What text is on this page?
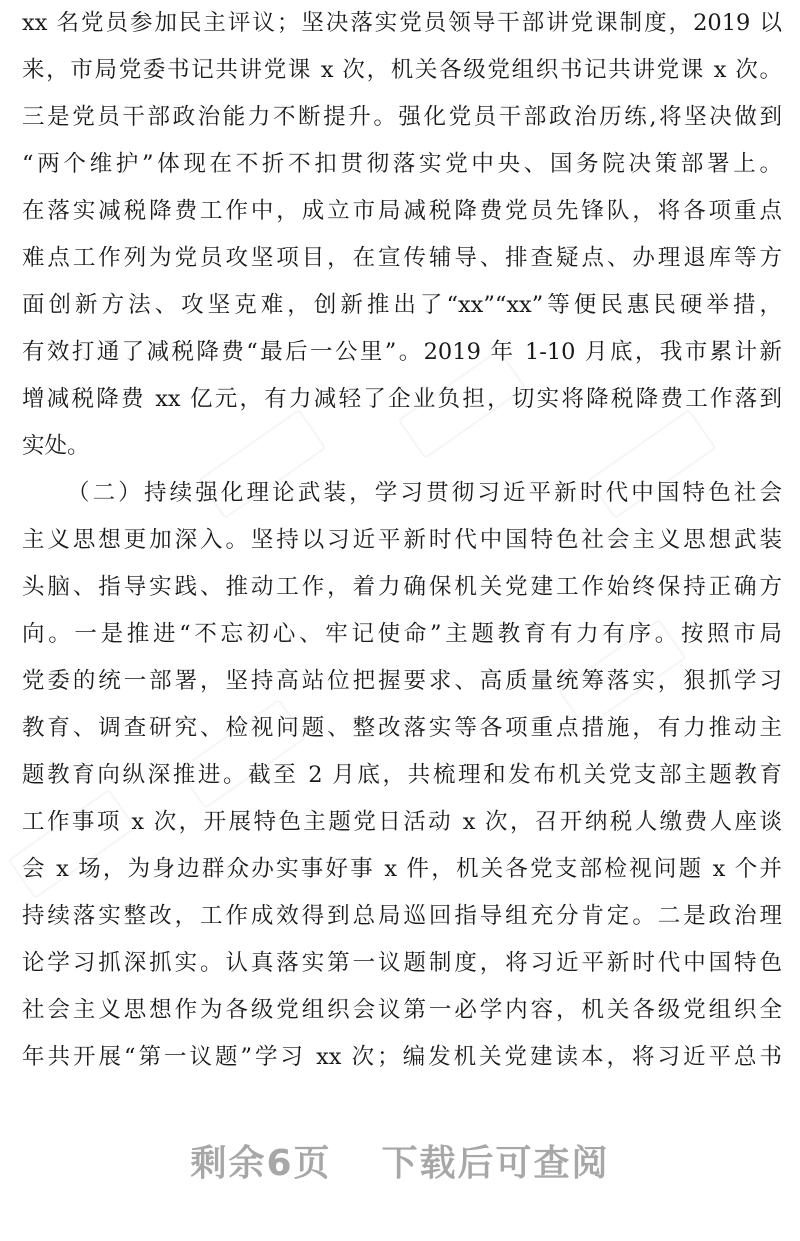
xx 名党员参加民主评议；坚决落实党员领导干部讲党课制度，2019 以
来，市局党委书记共讲党课 x 次，机关各级党组织书记共讲党课 x 次。
三是党员干部政治能力不断提升。强化党员干部政治历练,将坚决做到
“两个维护”体现在不折不扣贯彻落实党中央、国务院决策部署上。
在落实减税降费工作中，成立市局减税降费党员先锋队，将各项重点
难点工作列为党员攻坚项目，在宣传辅导、排查疑点、办理退库等方
面创新方法、攻坚克难，创新推出了“xx”“xx”等便民惠民硬举措，
有效打通了减税降费“最后一公里”。2019 年 1-10 月底，我市累计新
增减税降费 xx 亿元，有力减轻了企业负担，切实将降税降费工作落到
实处。
（二）持续强化理论武装，学习贯彻习近平新时代中国特色社会
主义思想更加深入。坚持以习近平新时代中国特色社会主义思想武装
头脑、指导实践、推动工作，着力确保机关党建工作始终保持正确方
向。一是推进“不忘初心、牢记使命”主题教育有力有序。按照市局
党委的统一部署，坚持高站位把握要求、高质量统筹落实，狠抓学习
教育、调查研究、检视问题、整改落实等各项重点措施，有力推动主
题教育向纵深推进。截至 2 月底，共梳理和发布机关党支部主题教育
工作事项 x 次，开展特色主题党日活动 x 次，召开纳税人缴费人座谈
会 x 场，为身边群众办实事好事 x 件，机关各党支部检视问题 x 个并
持续落实整改，工作成效得到总局巡回指导组充分肯定。二是政治理
论学习抓深抓实。认真落实第一议题制度，将习近平新时代中国特色
社会主义思想作为各级党组织会议第一必学内容，机关各级党组织全
年共开展“第一议题”学习 xx 次；编发机关党建读本，将习近平总书
剩余6页 下载后可查阅
